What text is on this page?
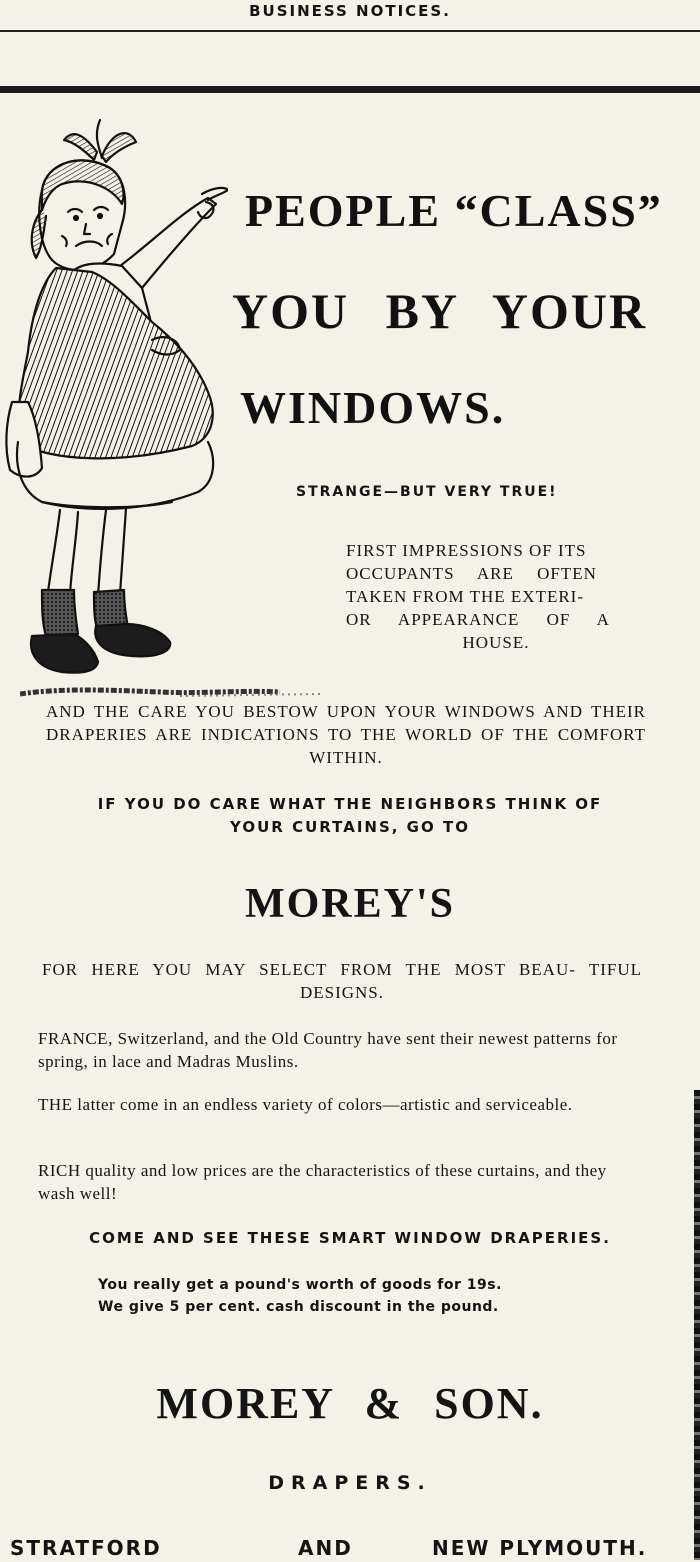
BUSINESS NOTICES.
PEOPLE “CLASS”
YOU BY YOUR
WINDOWS.
STRANGE—BUT VERY TRUE!
FIRST IMPRESSIONS OF ITS
OCCUPANTS ARE OFTEN
TAKEN FROM THE EXTERI-
OR APPEARANCE OF A
HOUSE.
AND THE CARE YOU BESTOW UPON YOUR WINDOWS AND THEIR DRAPERIES ARE INDICATIONS TO THE WORLD OF THE COMFORT WITHIN.
IF YOU DO CARE WHAT THE NEIGHBORS THINK OF
YOUR CURTAINS, GO TO
MOREY'S
FOR HERE YOU MAY SELECT FROM THE MOST BEAU- TIFUL DESIGNS.
FRANCE, Switzerland, and the Old Country have sent their newest patterns for spring, in lace and Madras Muslins.
THE latter come in an endless variety of colors—artistic and serviceable.
RICH quality and low prices are the characteristics of these curtains, and they wash well!
COME AND SEE THESE SMART WINDOW DRAPERIES.
You really get a pound's worth of goods for 19s.
We give 5 per cent. cash discount in the pound.
MOREY & SON.
DRAPERS.
STRATFORD	AND	NEW PLYMOUTH.
